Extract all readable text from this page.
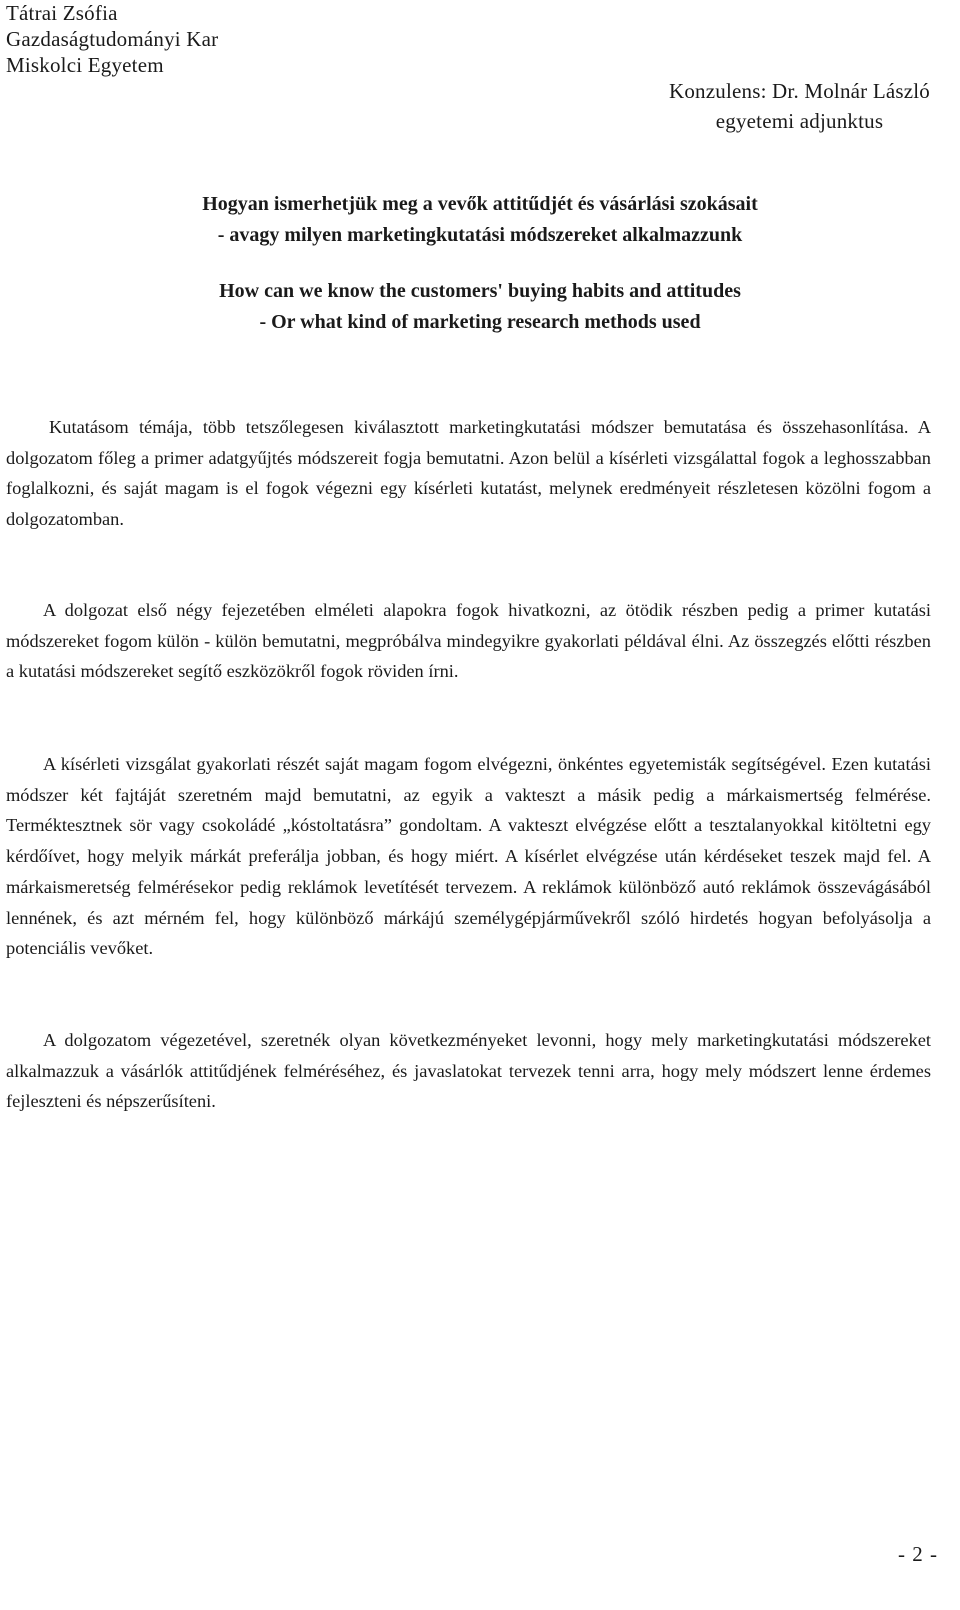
Tátrai Zsófia
Gazdaságtudományi Kar
Miskolci Egyetem
Konzulens: Dr. Molnár László
egyetemi adjunktus
Hogyan ismerhetjük meg a vevők attitűdjét és vásárlási szokásait
- avagy milyen marketingkutatási módszereket alkalmazzunk
How can we know the customers' buying habits and attitudes
- Or what kind of marketing research methods used

Kutatásom témája, több tetszőlegesen kiválasztott marketingkutatási módszer bemutatása és összehasonlítása. A dolgozatom főleg a primer adatgyűjtés módszereit fogja bemutatni. Azon belül a kísérleti vizsgálattal fogok a leghosszabban foglalkozni, és saját magam is el fogok végezni egy kísérleti kutatást, melynek eredményeit részletesen közölni fogom a dolgozatomban.

A dolgozat első négy fejezetében elméleti alapokra fogok hivatkozni, az ötödik részben pedig a primer kutatási módszereket fogom külön - külön bemutatni, megpróbálva mindegyikre gyakorlati példával élni. Az összegzés előtti részben a kutatási módszereket segítő eszközökről fogok röviden írni.

A kísérleti vizsgálat gyakorlati részét saját magam fogom elvégezni, önkéntes egyetemisták segítségével. Ezen kutatási módszer két fajtáját szeretném majd bemutatni, az egyik a vakteszt a másik pedig a márkaismertség felmérése. Terméktesztnek sör vagy csokoládé „kóstoltatásra” gondoltam. A vakteszt elvégzése előtt a tesztalanyokkal kitöltetni egy kérdőívet, hogy melyik márkát preferálja jobban, és hogy miért. A kísérlet elvégzése után kérdéseket teszek majd fel. A márkaismeretség felmérésekor pedig reklámok levetítését tervezem. A reklámok különböző autó reklámok összevágásából lennének, és azt mérném fel, hogy különböző márkájú személygépjárművekről szóló hirdetés hogyan befolyásolja a potenciális vevőket.

A dolgozatom végezetével, szeretnék olyan következményeket levonni, hogy mely marketingkutatási módszereket alkalmazzuk a vásárlók attitűdjének felméréséhez, és javaslatokat tervezek tenni arra, hogy mely módszert lenne érdemes fejleszteni és népszerűsíteni.

- 2 -
